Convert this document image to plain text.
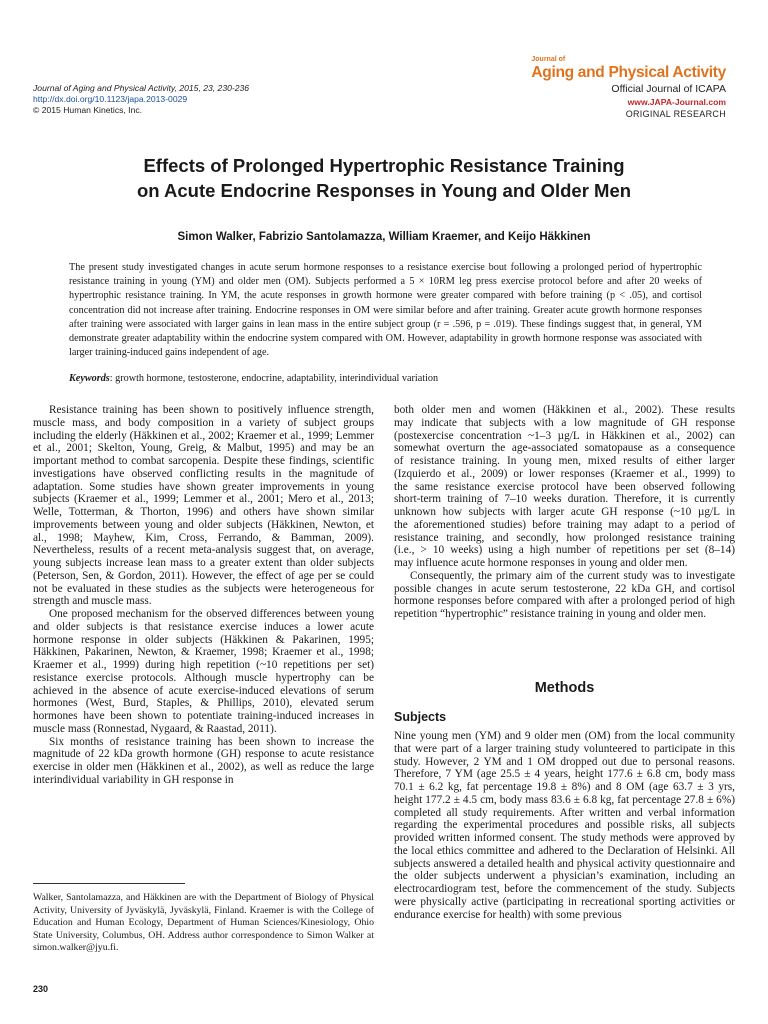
Journal of Aging and Physical Activity, 2015, 23, 230-236
http://dx.doi.org/10.1123/japa.2013-0029
© 2015 Human Kinetics, Inc.
Journal of
Aging and Physical Activity
Official Journal of ICAPA
www.JAPA-Journal.com
ORIGINAL RESEARCH
Effects of Prolonged Hypertrophic Resistance Training
on Acute Endocrine Responses in Young and Older Men
Simon Walker, Fabrizio Santolamazza, William Kraemer, and Keijo Häkkinen
The present study investigated changes in acute serum hormone responses to a resistance exercise bout following a prolonged period of hypertrophic resistance training in young (YM) and older men (OM). Subjects performed a 5 × 10RM leg press exercise protocol before and after 20 weeks of hypertrophic resistance training. In YM, the acute responses in growth hormone were greater compared with before training (p < .05), and cortisol concentration did not increase after training. Endocrine responses in OM were similar before and after training. Greater acute growth hormone responses after training were associated with larger gains in lean mass in the entire subject group (r = .596, p = .019). These findings suggest that, in general, YM demonstrate greater adaptability within the endocrine system compared with OM. However, adaptability in growth hormone response was associated with larger training-induced gains independent of age.
Keywords: growth hormone, testosterone, endocrine, adaptability, interindividual variation

Resistance training has been shown to positively influence strength, muscle mass, and body composition in a variety of subject groups including the elderly (Häkkinen et al., 2002; Kraemer et al., 1999; Lemmer et al., 2001; Skelton, Young, Greig, & Malbut, 1995) and may be an important method to combat sarcopenia. Despite these findings, scientific investigations have observed conflicting results in the magnitude of adaptation. Some studies have shown greater improvements in young subjects (Kraemer et al., 1999; Lemmer et al., 2001; Mero et al., 2013; Welle, Totterman, & Thorton, 1996) and others have shown similar improvements between young and older subjects (Häkkinen, Newton, et al., 1998; Mayhew, Kim, Cross, Ferrando, & Bamman, 2009). Nevertheless, results of a recent meta-analysis suggest that, on average, young subjects increase lean mass to a greater extent than older subjects (Peterson, Sen, & Gordon, 2011). However, the effect of age per se could not be evaluated in these studies as the subjects were heterogeneous for strength and muscle mass.

One proposed mechanism for the observed differences between young and older subjects is that resistance exercise induces a lower acute hormone response in older subjects (Häkkinen & Pakarinen, 1995; Häkkinen, Pakarinen, Newton, & Kraemer, 1998; Kraemer et al., 1998; Kraemer et al., 1999) during high repetition (~10 repetitions per set) resistance exercise protocols. Although muscle hypertrophy can be achieved in the absence of acute exercise-induced elevations of serum hormones (West, Burd, Staples, & Phillips, 2010), elevated serum hormones have been shown to potentiate training-induced increases in muscle mass (Ronnestad, Nygaard, & Raastad, 2011).

Six months of resistance training has been shown to increase the magnitude of 22 kDa growth hormone (GH) response to acute resistance exercise in older men (Häkkinen et al., 2002), as well as reduce the large interindividual variability in GH response in

both older men and women (Häkkinen et al., 2002). These results
may indicate that subjects with a low magnitude of GH response
(postexercise concentration ~1–3 µg/L in Häkkinen et al., 2002) can
somewhat overturn the age-associated somatopause as a consequence
of resistance training. In young men, mixed results of either larger
(Izquierdo et al., 2009) or lower responses (Kraemer et al., 1999) to
the same resistance exercise protocol have been observed following
short-term training of 7–10 weeks duration. Therefore, it is currently
unknown how subjects with larger acute GH response (~10 µg/L in
the aforementioned studies) before training may adapt to a period of
resistance training, and secondly, how prolonged resistance training
(i.e., > 10 weeks) using a high number of repetitions per set (8–14)

may influence acute hormone responses in young and older men.

Consequently, the primary aim of the current study was to investigate possible changes in acute serum testosterone, 22 kDa GH, and cortisol hormone responses before compared with after a prolonged period of high repetition “hypertrophic” resistance training in young and older men.

Methods
Subjects

Nine young men (YM) and 9 older men (OM) from the local community that were part of a larger training study volunteered to participate in this study. However, 2 YM and 1 OM dropped out due to personal reasons. Therefore, 7 YM (age 25.5 ± 4 years, height 177.6 ± 6.8 cm, body mass 70.1 ± 6.2 kg, fat percentage 19.8 ± 8%) and 8 OM (age 63.7 ± 3 yrs, height 177.2 ± 4.5 cm, body mass 83.6 ± 6.8 kg, fat percentage 27.8 ± 6%) completed all study requirements. After written and verbal information regarding the experimental procedures and possible risks, all subjects provided written informed consent. The study methods were approved by the local ethics committee and adhered to the Declaration of Helsinki. All subjects answered a detailed health and physical activity questionnaire and the older subjects underwent a physician’s examination, including an electrocardiogram test, before the commencement of the study. Subjects were physically active (participating in recreational sporting activities or endurance exercise for health) with some previous

Walker, Santolamazza, and Häkkinen are with the Department of Biology of Physical Activity, University of Jyväskylä, Jyväskylä, Finland. Kraemer is with the College of Education and Human Ecology, Department of Human Sciences/Kinesiology, Ohio State University, Columbus, OH. Address author correspondence to Simon Walker at simon.walker@jyu.fi.
230
